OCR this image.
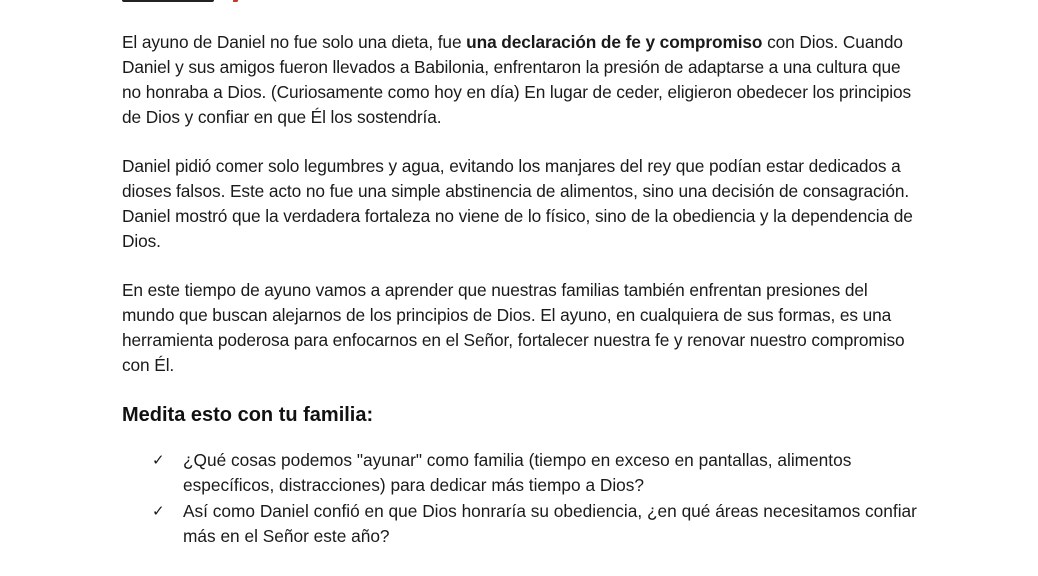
El ayuno de Daniel no fue solo una dieta, fue una declaración de fe y compromiso con Dios. Cuando Daniel y sus amigos fueron llevados a Babilonia, enfrentaron la presión de adaptarse a una cultura que no honraba a Dios. (Curiosamente como hoy en día) En lugar de ceder, eligieron obedecer los principios de Dios y confiar en que Él los sostendría.

Daniel pidió comer solo legumbres y agua, evitando los manjares del rey que podían estar dedicados a dioses falsos. Este acto no fue una simple abstinencia de alimentos, sino una decisión de consagración. Daniel mostró que la verdadera fortaleza no viene de lo físico, sino de la obediencia y la dependencia de Dios.

En este tiempo de ayuno vamos a aprender que nuestras familias también enfrentan presiones del mundo que buscan alejarnos de los principios de Dios. El ayuno, en cualquiera de sus formas, es una herramienta poderosa para enfocarnos en el Señor, fortalecer nuestra fe y renovar nuestro compromiso con Él.

Medita esto con tu familia:
✓ ¿Qué cosas podemos "ayunar" como familia (tiempo en exceso en pantallas, alimentos específicos, distracciones) para dedicar más tiempo a Dios?
✓ Así como Daniel confió en que Dios honraría su obediencia, ¿en qué áreas necesitamos confiar más en el Señor este año?
